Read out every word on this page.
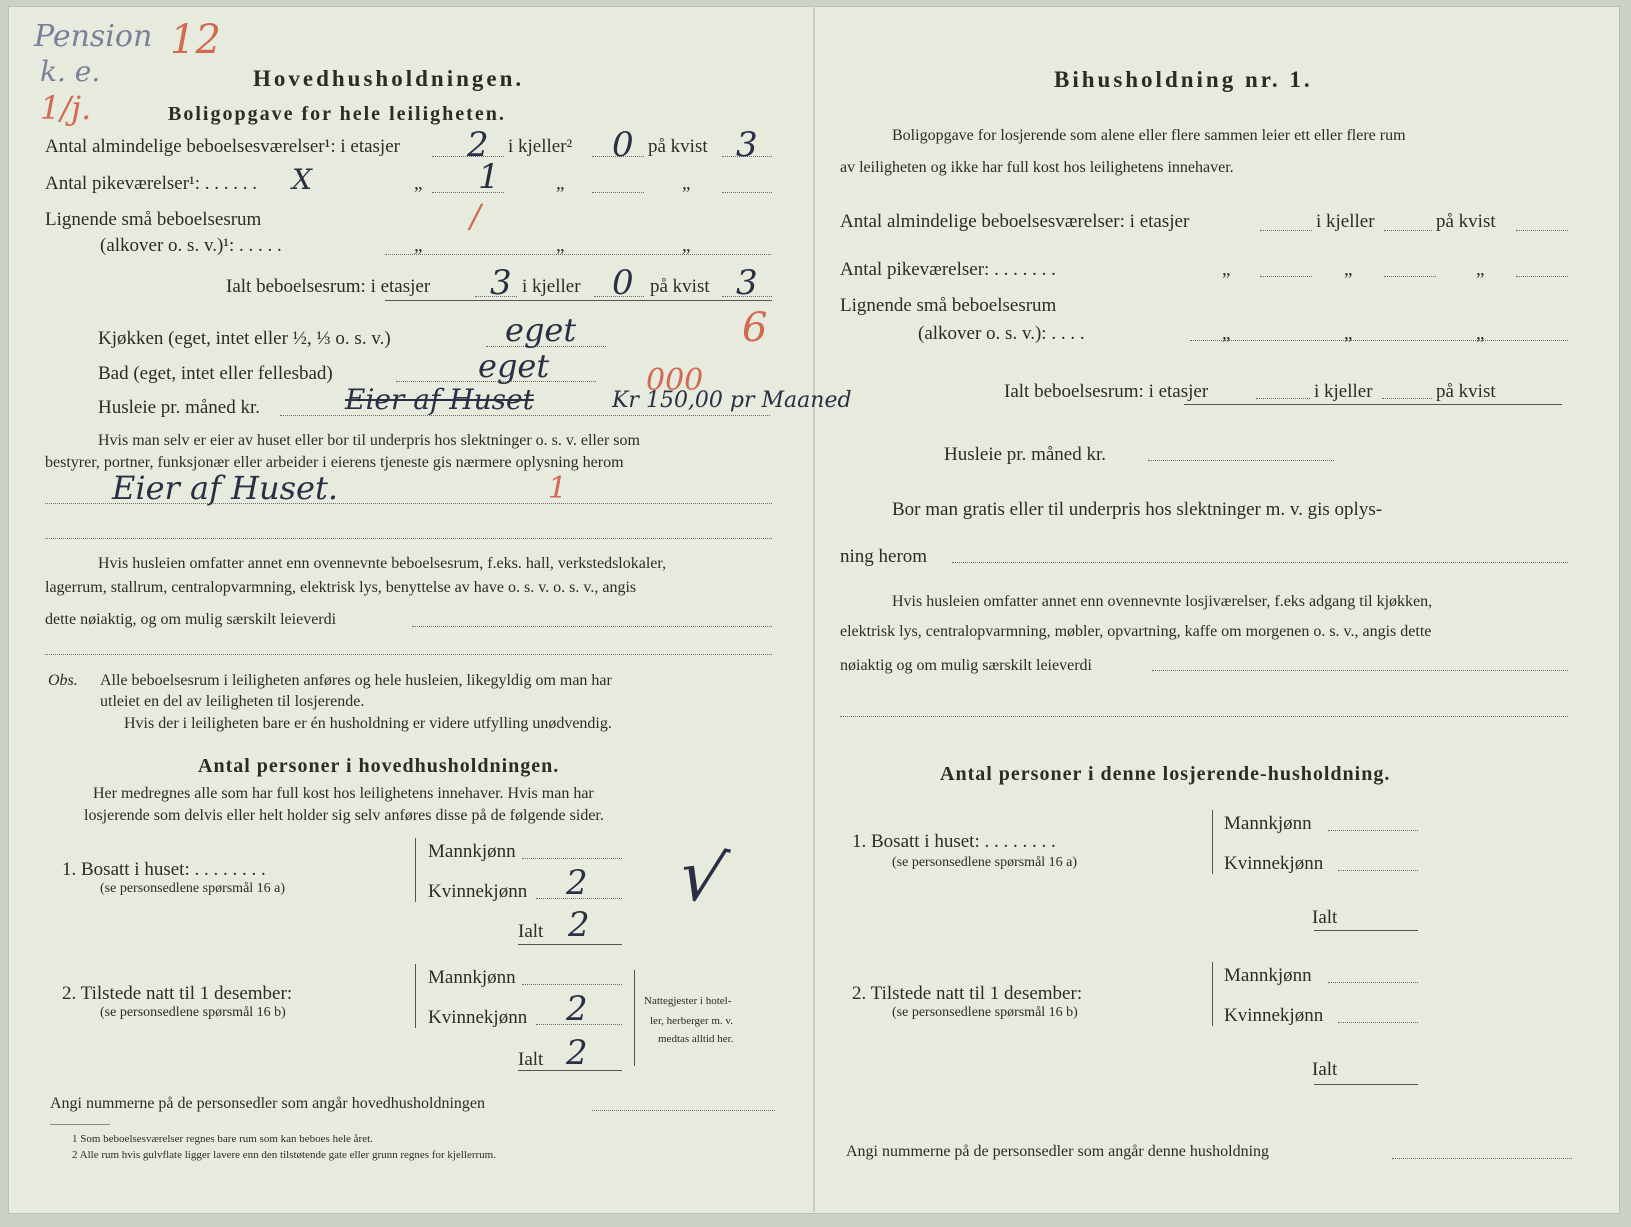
Pension 12
k. e.
1/j.
Hovedhusholdningen.
Boligopgave for hele leiligheten.
Antal almindelige beboelsesværelser¹: i etasjer 2 i kjeller² 0 på kvist 3
Antal pikeværelser¹: . . . . . . X	„ 1	„	„
Lignende små beboelsesrum	/
(alkover o. s. v.)¹: . . . . .	„	„	„
Ialt beboelsesrum: i etasjer 3 i kjeller 0 på kvist 3
6
Kjøkken (eget, intet eller ½, ⅓ o. s. v.)	eget
Bad (eget, intet eller fellesbad)	eget
Husleie pr. måned kr.	Eier af Huset	Kr 150,00 pr Maaned
000
Hvis man selv er eier av huset eller bor til underpris hos slektninger o. s. v. eller som
bestyrer, portner, funksjonær eller arbeider i eierens tjeneste gis nærmere oplysning herom
Eier af Huset.	1
Hvis husleien omfatter annet enn ovennevnte beboelsesrum, f.eks. hall, verkstedslokaler,
lagerrum, stallrum, centralopvarmning, elektrisk lys, benyttelse av have o. s. v. o. s. v., angis
dette nøiaktig, og om mulig særskilt leieverdi
Obs. Alle beboelsesrum i leiligheten anføres og hele husleien, likegyldig om man har
utleiet en del av leiligheten til losjerende.
Hvis der i leiligheten bare er én husholdning er videre utfylling unødvendig.
Antal personer i hovedhusholdningen.
Her medregnes alle som har full kost hos leilighetens innehaver. Hvis man har
losjerende som delvis eller helt holder sig selv anføres disse på de følgende sider.
1. Bosatt i huset: . . . . . . . .
(se personsedlene spørsmål 16 a)
Mannkjønn
Kvinnekjønn 2
Ialt 2
√
2. Tilstede natt til 1 desember:
(se personsedlene spørsmål 16 b)
Mannkjønn
Kvinnekjønn 2
Ialt 2
Nattegjester i hotel-
ler, herberger m. v.
medtas alltid her.
Angi nummerne på de personsedler som angår hovedhusholdningen
1 Som beboelsesværelser regnes bare rum som kan beboes hele året.
2 Alle rum hvis gulvflate ligger lavere enn den tilstøtende gate eller grunn regnes for kjellerrum.
Bihusholdning nr. 1.
Boligopgave for losjerende som alene eller flere sammen leier ett eller flere rum
av leiligheten og ikke har full kost hos leilighetens innehaver.
Antal almindelige beboelsesværelser: i etasjer	i kjeller	på kvist
Antal pikeværelser: . . . . . . .	„	„	„
Lignende små beboelsesrum
(alkover o. s. v.): . . . .	„	„	„
Ialt beboelsesrum: i etasjer	i kjeller	på kvist
Husleie pr. måned kr.
Bor man gratis eller til underpris hos slektninger m. v. gis oplys-
ning herom
Hvis husleien omfatter annet enn ovennevnte losjiværelser, f.eks adgang til kjøkken,
elektrisk lys, centralopvarmning, møbler, opvartning, kaffe om morgenen o. s. v., angis dette
nøiaktig og om mulig særskilt leieverdi
Antal personer i denne losjerende-husholdning.
1. Bosatt i huset: . . . . . . . .
(se personsedlene spørsmål 16 a)
Mannkjønn
Kvinnekjønn
Ialt
2. Tilstede natt til 1 desember:
(se personsedlene spørsmål 16 b)
Mannkjønn
Kvinnekjønn
Ialt
Angi nummerne på de personsedler som angår denne husholdning
